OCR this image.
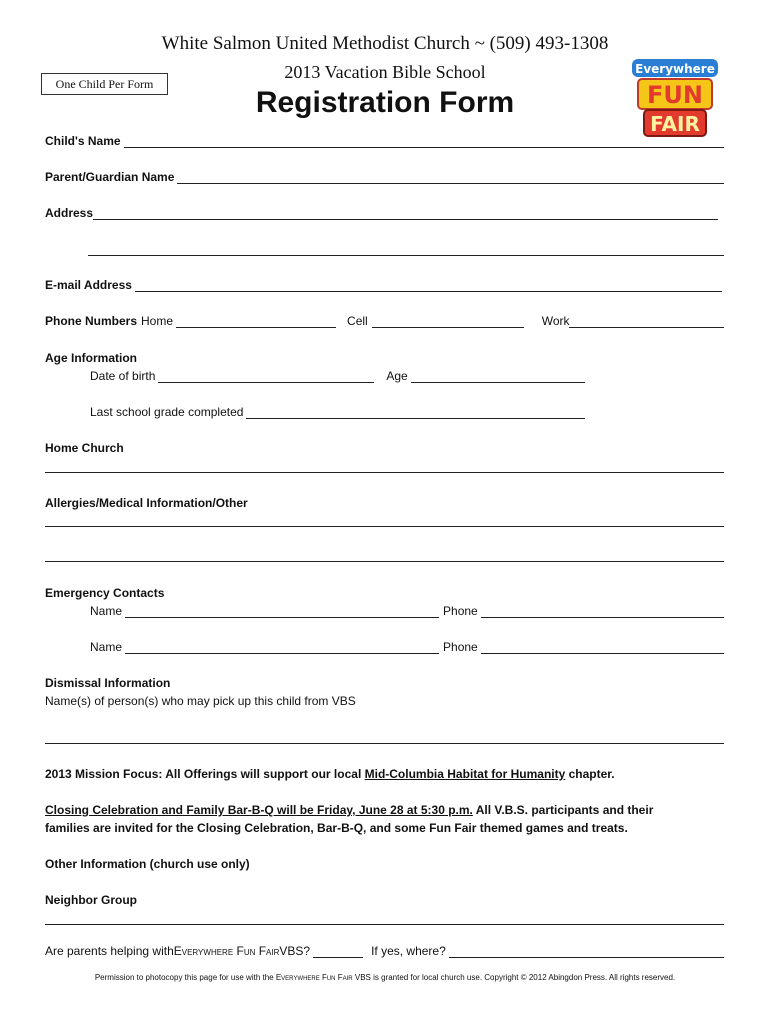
White Salmon United Methodist Church ~ (509) 493-1308
2013 Vacation Bible School
One Child Per Form
Registration Form
Everywhere
FUN
FAIR
Child's Name
Parent/Guardian Name
Address
E-mail Address
Phone Numbers Home	Cell	Work
Age Information
Date of birth	Age
Last school grade completed
Home Church
Allergies/Medical Information/Other
Emergency Contacts
Name	Phone
Name	Phone
Dismissal Information
Name(s) of person(s) who may pick up this child from VBS
2013 Mission Focus: All Offerings will support our local Mid-Columbia Habitat for Humanity chapter.
Closing Celebration and Family Bar-B-Q will be Friday, June 28 at 5:30 p.m. All V.B.S. participants and their
families are invited for the Closing Celebration, Bar-B-Q, and some Fun Fair themed games and treats.
Other Information (church use only)
Neighbor Group
Are parents helping with Everywhere Fun Fair VBS?	If yes, where?
Permission to photocopy this page for use with the Everywhere Fun Fair VBS is granted for local church use. Copyright © 2012 Abingdon Press. All rights reserved.
